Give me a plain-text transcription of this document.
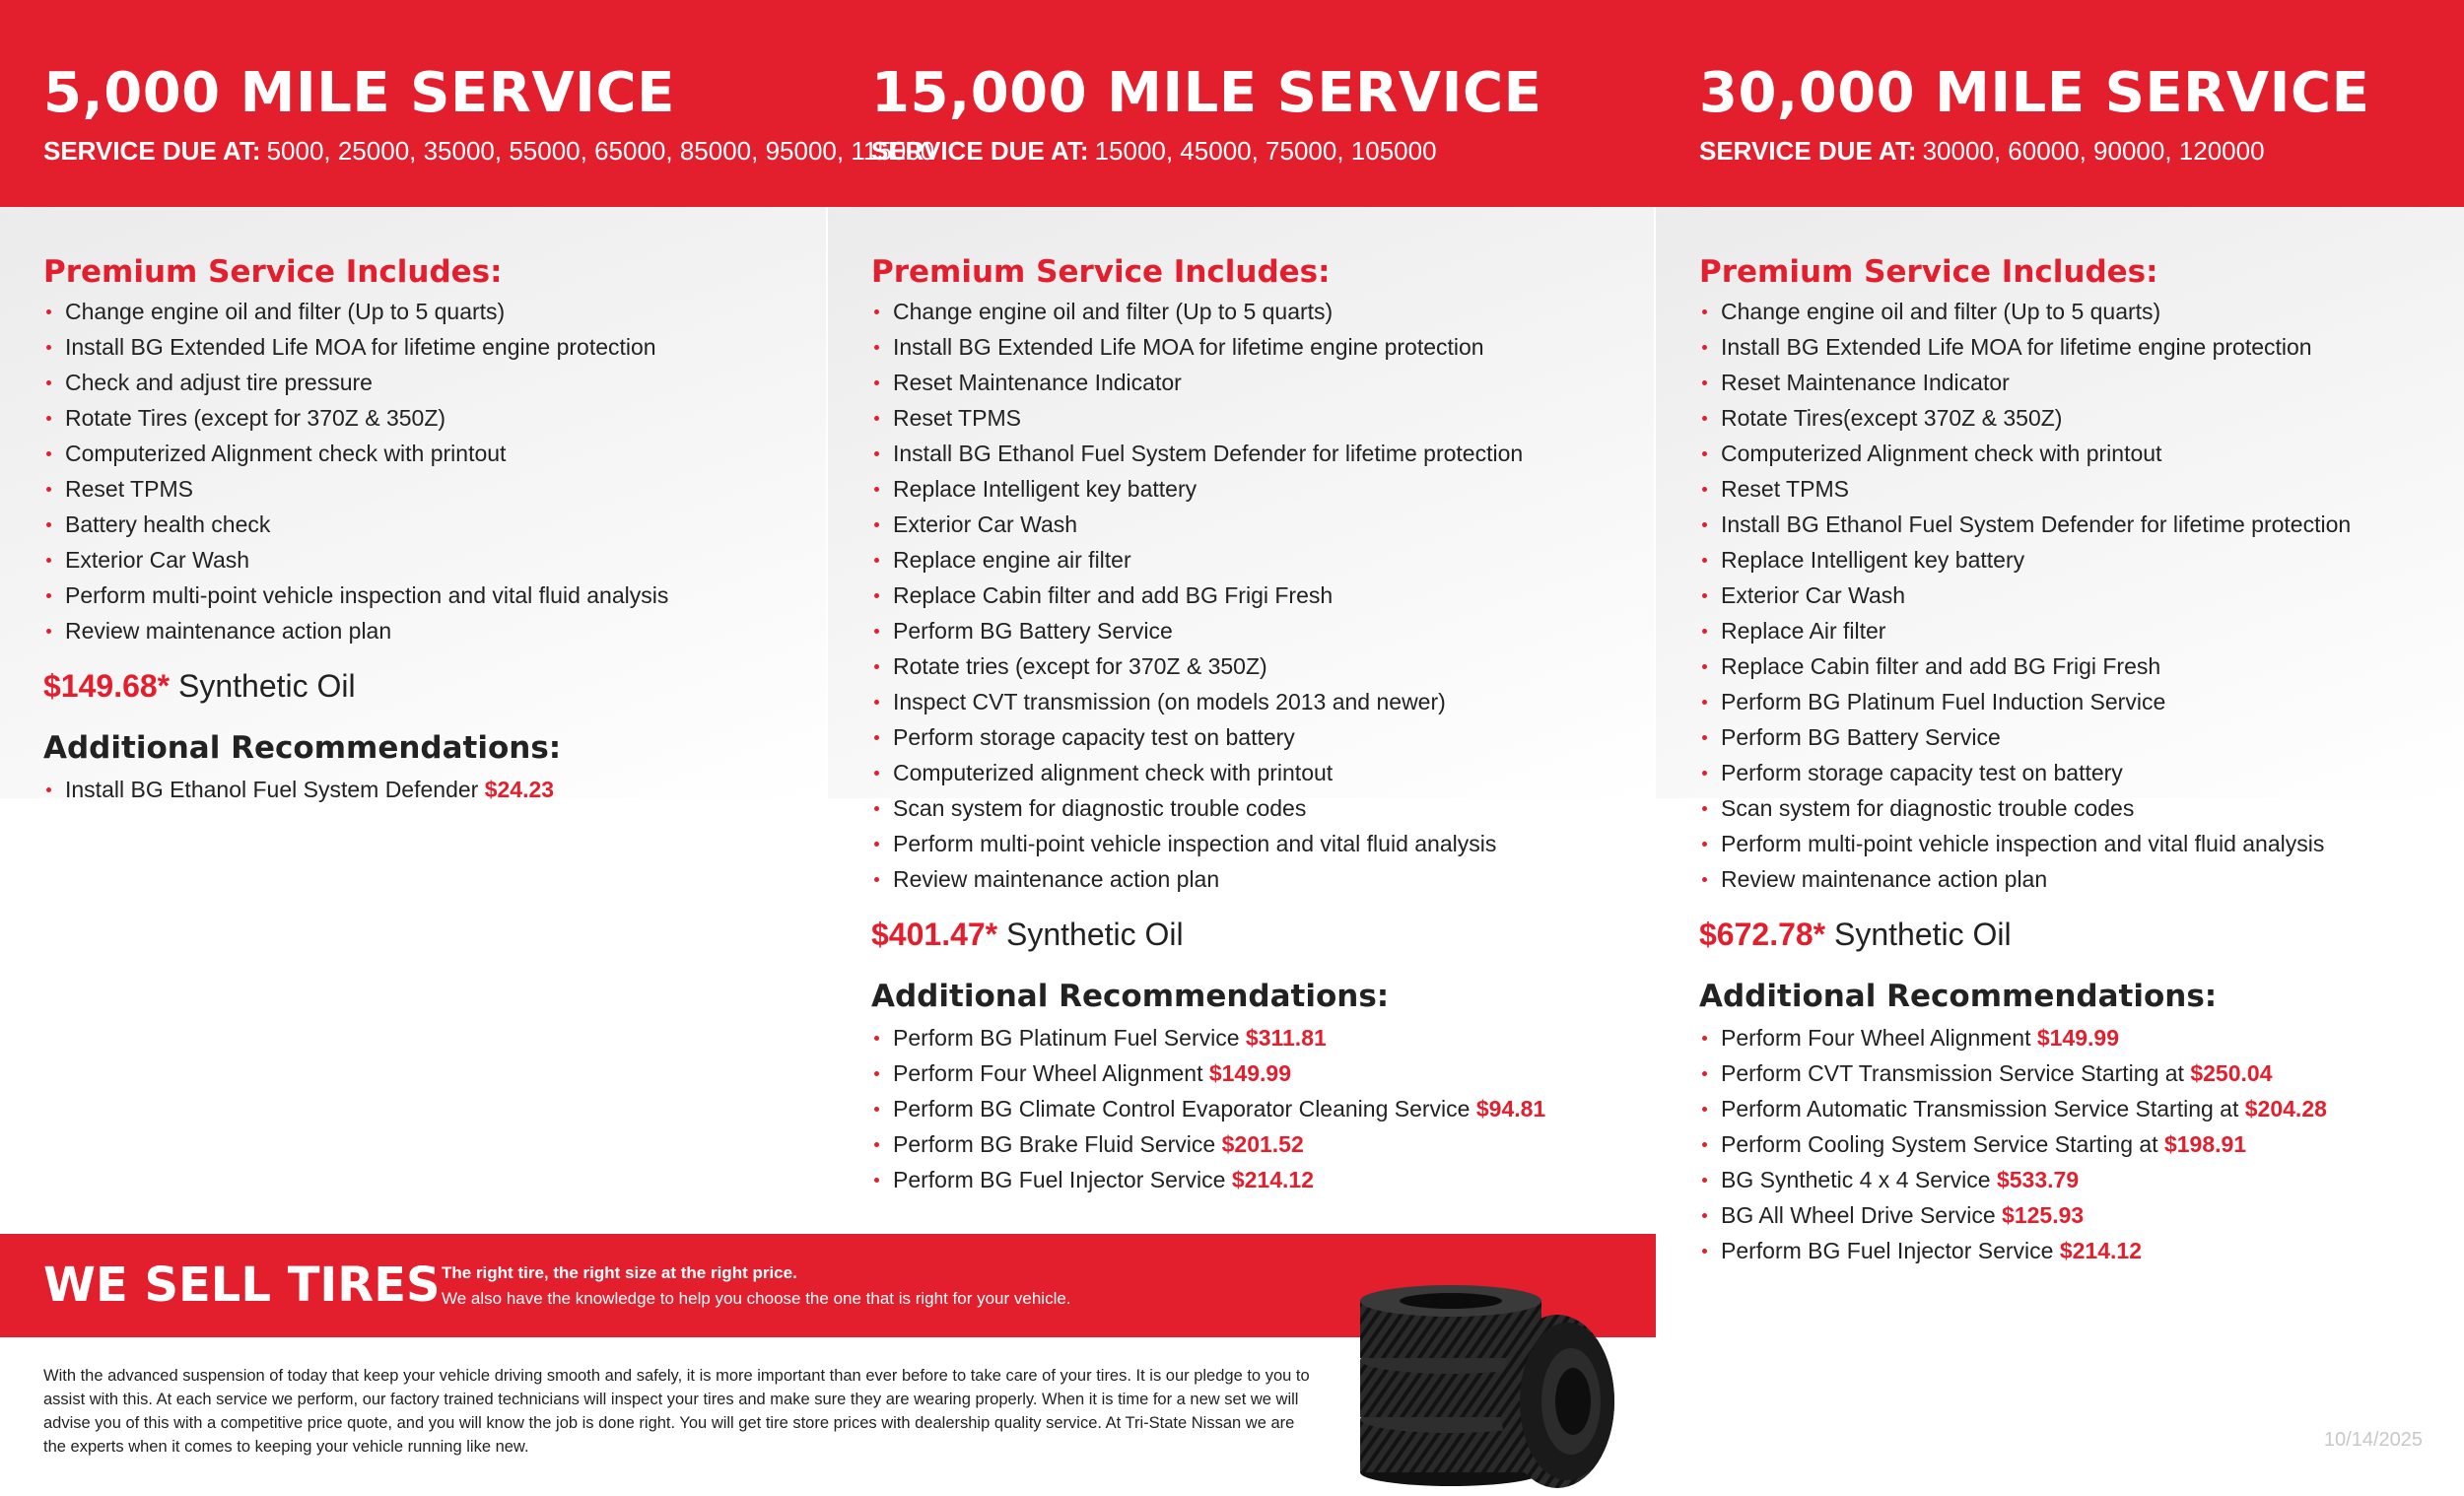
5,000 MILE SERVICE
SERVICE DUE AT: 5000, 25000, 35000, 55000, 65000, 85000, 95000, 115000
Premium Service Includes:
Change engine oil and filter (Up to 5 quarts)
Install BG Extended Life MOA for lifetime engine protection
Check and adjust tire pressure
Rotate Tires (except for 370Z & 350Z)
Computerized Alignment check with printout
Reset TPMS
Battery health check
Exterior Car Wash
Perform multi-point vehicle inspection and vital fluid analysis
Review maintenance action plan
$149.68* Synthetic Oil
Additional Recommendations:
Install BG Ethanol Fuel System Defender $24.23
15,000 MILE SERVICE
SERVICE DUE AT: 15000, 45000, 75000, 105000
Premium Service Includes:
Change engine oil and filter (Up to 5 quarts)
Install BG Extended Life MOA for lifetime engine protection
Reset Maintenance Indicator
Reset TPMS
Install BG Ethanol Fuel System Defender for lifetime protection
Replace Intelligent key battery
Exterior Car Wash
Replace engine air filter
Replace Cabin filter and add BG Frigi Fresh
Perform BG Battery Service
Rotate tries (except for 370Z & 350Z)
Inspect CVT transmission (on models 2013 and newer)
Perform storage capacity test on battery
Computerized alignment check with printout
Scan system for diagnostic trouble codes
Perform multi-point vehicle inspection and vital fluid analysis
Review maintenance action plan
$401.47* Synthetic Oil
Additional Recommendations:
Perform BG Platinum Fuel Service $311.81
Perform Four Wheel Alignment $149.99
Perform BG Climate Control Evaporator Cleaning Service $94.81
Perform BG Brake Fluid Service $201.52
Perform BG Fuel Injector Service $214.12
30,000 MILE SERVICE
SERVICE DUE AT: 30000, 60000, 90000, 120000
Premium Service Includes:
Change engine oil and filter (Up to 5 quarts)
Install BG Extended Life MOA for lifetime engine protection
Reset Maintenance Indicator
Rotate Tires(except 370Z & 350Z)
Computerized Alignment check with printout
Reset TPMS
Install BG Ethanol Fuel System Defender for lifetime protection
Replace Intelligent key battery
Exterior Car Wash
Replace Air filter
Replace Cabin filter and add BG Frigi Fresh
Perform BG Platinum Fuel Induction Service
Perform BG Battery Service
Perform storage capacity test on battery
Scan system for diagnostic trouble codes
Perform multi-point vehicle inspection and vital fluid analysis
Review maintenance action plan
$672.78* Synthetic Oil
Additional Recommendations:
Perform Four Wheel Alignment $149.99
Perform CVT Transmission Service Starting at $250.04
Perform Automatic Transmission Service Starting at $204.28
Perform Cooling System Service Starting at $198.91
BG Synthetic 4 x 4 Service $533.79
BG All Wheel Drive Service $125.93
Perform BG Fuel Injector Service $214.12
WE SELL TIRES The right tire, the right size at the right price.
We also have the knowledge to help you choose the one that is right for your vehicle.
With the advanced suspension of today that keep your vehicle driving smooth and safely, it is more important than ever before to take care of your tires. It is our pledge to you to assist with this. At each service we perform, our factory trained technicians will inspect your tires and make sure they are wearing properly. When it is time for a new set we will advise you of this with a competitive price quote, and you will know the job is done right. You will get tire store prices with dealership quality service. At Tri-State Nissan we are the experts when it comes to keeping your vehicle running like new.	10/14/2025
